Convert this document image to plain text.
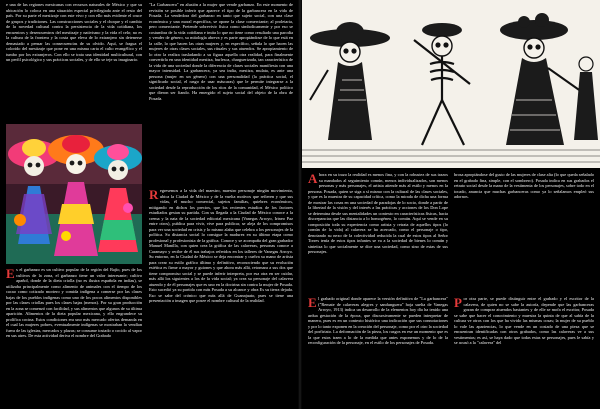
e una de las regiones mexicanas con recursos naturales de México y que su ubicación lo coloca en una situación especial privilegiada ante el resto del país. Por su parte el mestizaje con este vivo y con ello más evidente el cruce de grupos y tradiciones. Las construcciones sociales y el choque y el cambio de la novedad cultural contra la persistencia de la vida cotidiana, los encuentros y desencuentros del mestizaje y nativismo y la vida el celo; no es la cultura de la frontera y la costa que eleva de lo extranjero sin detenerse demasiado a pensar las consecuencias de su olvido. Aquí, se fragua el colorido del mestizaje que pone en una misma carta el culto evangélico y el tumbo por los extranjeros. Con ello se trata una identidad multicultural, con un perfil psicológico y sus prácticas sociales, y de ello se teje su imaginario.

E s el garbanzo es un cultivo popular de la región del Bajío, pues de los cultivos de la zona, el garbanzo tiene un valor interesante; cultivo apañol, donde de la dieta criolla (no es ilustra española en indias), se utilizaba principalmente como alimento de animales con el tiempo de los cacao como cotizado mortero y comida indígena a comerse por las clases bajas de los pueblos indígenas como uno de los pocos alimentos disponibles por las clases criollas pues los clases bajas (menos). Por su gran producción en la zona se comenzó con facilidad, y sus alimentos que algunos de su última aparición. Alimentos de la dieta popular mexicana, y ello engrandece su prolífica cocina. Estos condiciones era uno más mercado ofertas demanda en el cual las mujeres pobres, eventualmente indígenas se mostraban la vendían fuera de las iglesias, mercados y plazas; se consume tostado o cocido al vapor en sus aires. De esta actividad deriva el nombre del Grabado

"La Garbancera" en alusión a la mujer que vende garbanzo. En este momento de revisión se posible inferir que aparece el tipo de la garbancera en la vida de Posada. La vendedora del garbanzo en tanto que sujeto social, con una clase económica y una moral específica, se opone la clase comerciante; al proletaria, pero comerciante. Pretende sobrevivir fisica como simbolicamente y por eso se costumbra de la vida cotidiana e imita lo que no tiene como resultado una parodia y vender de género, su mitología abreva y es parte apropiándose de lo que está en la calle, lo que hacen las otras mujeres y, en específico, señala lo que hacen las mujeres de otras clases sociales, sus rituales y sus atuendos. Se apropiamiento de lo otro la realiza trasladando a su figura aquella otra realidad, para finalmente convertirla en una identidad mestiza, burlesca, charguerizada, tan característica de la vida de una sociedad donde la diferencia de clases sociales manifiesta con una mayor intensidad. La garbancera, ya sea india, mestiza, mulata, es ante una persona (mujer en un género) con una personalidad (la práctica social, el significado social, el rasgo de usar máscaras) que le permite integrarse a la sociedad desde la reproducción de los ritos de la comunidad, el México político que dieron ser fiando. Ha emergido el sujeto social del objeto de la obra de Posada.

R egresemos a la vida del maestro, maestro personaje ningún movimiento, ubica la Ciudad de México y de la vuelta motivos que refieren y que sus vidas, él mucho comercial, sujetos familias, quiebres económicos, mitigando en dichos los precios, que los recientes estudios de los factores estudiados gestan su partida. Con su llegada a la Ciudad de México conoce a la crema y la nata de la sociedad editorial mexicana (Vanegas Arroyo, Irineo Paz entre otros), publica para vivir, vive para publicar, se aleja de los compromisos para ver una sociedad en crisis y lo mismo alaba que celebra a los personajes de la política. Su distancia social lo consigue la madurez en su último etapa como profesional y profesionista de la gráfica. Conoce y se acompaña del gran grabador Manuel Manilla, con quien crea la gráfica de las calaveras, personas conoce a Caramayo y recibe de él sus trabajos referidos en los talleres de Vanegas Arroyo. Su entorno, en la Ciudad de México se deja encontrar y cuelva su mano de artista para crear su estilo gráfico último y definitivo, reconociendo que su evolución estética es firme a mayor y guiones y que ahora más allá, retornara a sus dos que tiene compromiso social y se puede inferir interpreta, por esa otra en ser cuidar, más allá los siguientes a los de la vida social; ya crea su personaje del calavera atuendo y de él personajes que es uno en la doctrina sin contra la mujer de Posada. Esto sucedió ya su partida con más Posada a su alcance y obra Es su tierra dejada. Eso se sabe del crónico que más allá de Guanajuato, pues se tiene una presentación a imagen que posee el nombre cultural de la realidad.

A hora en su trazo la realidad es menos fina, y con la robustez de sus trazos su mandados al seguimiento común, menos individualizados, son menos personas y más personajes, el artista atiende más al estilo y menos en la persona. Posada, quien se siga a sí mismo con la cultural de las clases sociales, y que es la muestra de su capacidad crítica, como la mirada de dicha una forma de mostrar las cosas en una sociedad de paradojas de lo socio, donde a partir de la libertad de la visión y del interés a las prácticas y acciones de los Don Lope se determina desde sus mentalidades un contexto en características físicas, hacia discrepancias que las distancia a lo homogéneo, lo común. Aquí se vende en su composición toda su experiencia como artista y retrata de aquellos tipos (lo común de la vida) al calavera se ha acercado, como el personaje o tipo, denotando su nexo de la colectividad reducida la cual de estos tipos al Señor Torres tenía de estos tipos infantes se va a la sociedad de bienes lo común y sintetiza lo que socialmente se dice una sociedad, como sino de estas de sus personajes.

E l grabado original donde aparece la versión definitiva de "La garbancera" ("Remate de calaveras alegres y sandunguera" hoja suelta de Vanegas Arroyo, 1913) indica un desarrollo de la elementos hoy día ha tenido una ardua gestación de la época, que discursivamente se pueden interpretar de manera, pues es en un contexto histórico una indicación que sus connotaciones y por lo tanto exponen en la creación del personaje, como por el otro la sociedad del porfiriato. La deformación de la pieza, los rasgos en ese un momento que es la que estos traen a lo de la medida que antes exponemos y de lo de la reconfiguración de la personaje, en el estilo de los personajes de Posada.

brosa apropiándose del gusto de las mujeres de clase alta (lo que queda señalado en el grabado fina, simple, con el sombrero). Posada indica en sus grabados el retrato social desde la mano de la vestimenta de los personajes, sobre todo en el tocado, anuncia que muchas garbanceras como ya lo señalamos empleó sus adornos.

P or otra parte, se puede distinguir entre el grabado y el escritor de la calavera, de quien no se sabe la autoría, depende que las garbanceras gozan de comprar atuendos bastantes y de elle se mofa el escritor, Posada se sabe que hacer el conocimiento y muestra la quinta de que al sabía de la cultura ve otros con los que ha vivido las mismas cosas; la mujer de su pueblo lo vale las apariencias, lo que vende en un costado de una pieza que se encuentran identificadas con otros grabados, como las calaveras ve a sus vestimentas; es así, se haya dado que todas estas se personajes, pues le sabía y se acusó a la "calavera" del
